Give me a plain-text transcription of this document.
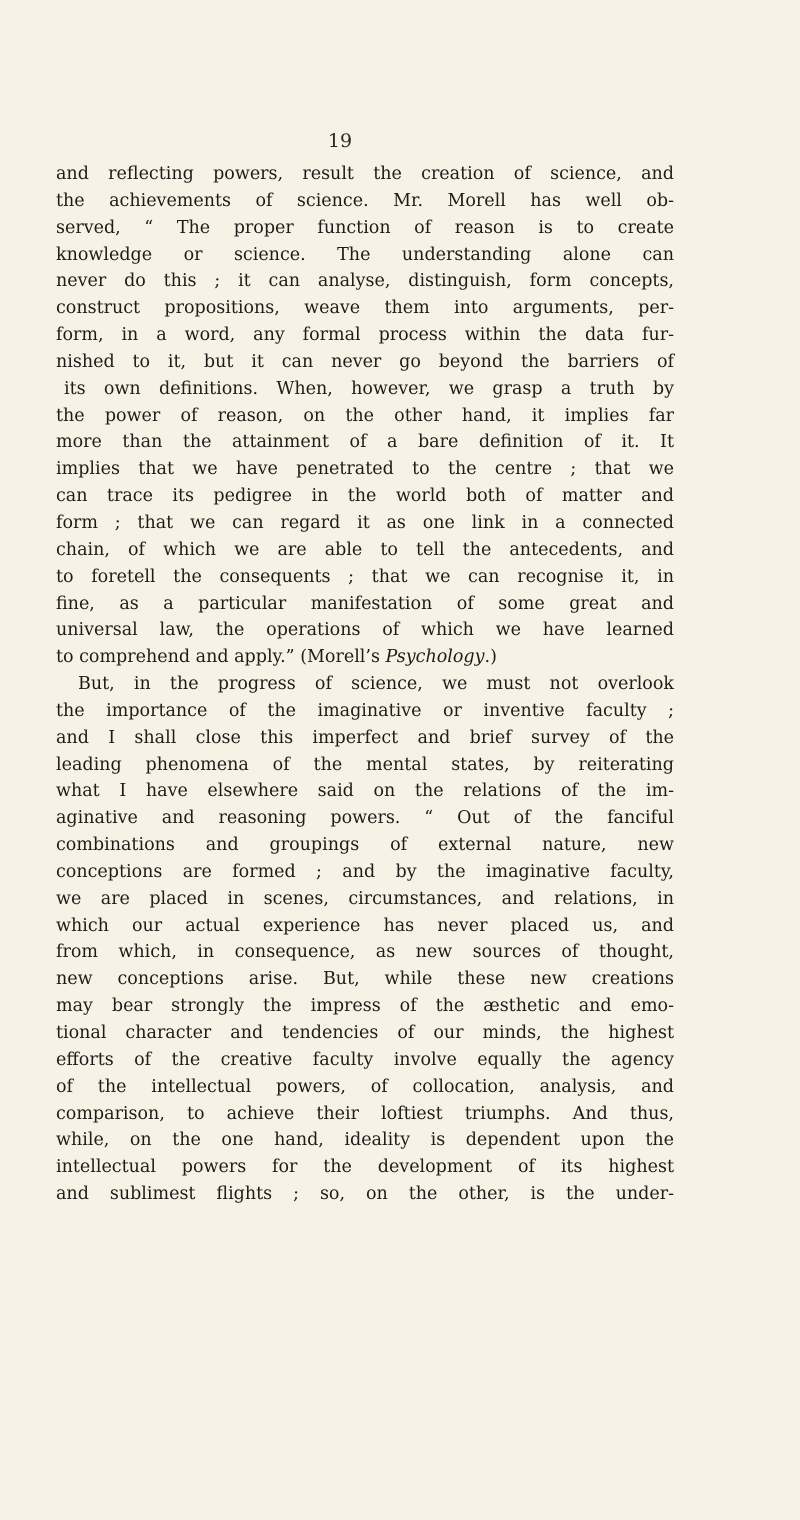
19
and reflecting powers, result the creation of science, and
the achievements of science. Mr. Morell has well ob-
served, “ The proper function of reason is to create
knowledge or science. The understanding alone can
never do this ; it can analyse, distinguish, form concepts,
construct propositions, weave them into arguments, per-
form, in a word, any formal process within the data fur-
nished to it, but it can never go beyond the barriers of
its own definitions. When, however, we grasp a truth by
the power of reason, on the other hand, it implies far
more than the attainment of a bare definition of it. It
implies that we have penetrated to the centre ; that we
can trace its pedigree in the world both of matter and
form ; that we can regard it as one link in a connected
chain, of which we are able to tell the antecedents, and
to foretell the consequents ; that we can recognise it, in
fine, as a particular manifestation of some great and
universal law, the operations of which we have learned
to comprehend and apply.” (Morell’s Psychology.)
But, in the progress of science, we must not overlook
the importance of the imaginative or inventive faculty ;
and I shall close this imperfect and brief survey of the
leading phenomena of the mental states, by reiterating
what I have elsewhere said on the relations of the im-
aginative and reasoning powers. “ Out of the fanciful
combinations and groupings of external nature, new
conceptions are formed ; and by the imaginative faculty,
we are placed in scenes, circumstances, and relations, in
which our actual experience has never placed us, and
from which, in consequence, as new sources of thought,
new conceptions arise. But, while these new creations
may bear strongly the impress of the æsthetic and emo-
tional character and tendencies of our minds, the highest
efforts of the creative faculty involve equally the agency
of the intellectual powers, of collocation, analysis, and
comparison, to achieve their loftiest triumphs. And thus,
while, on the one hand, ideality is dependent upon the
intellectual powers for the development of its highest
and sublimest flights ; so, on the other, is the under-
